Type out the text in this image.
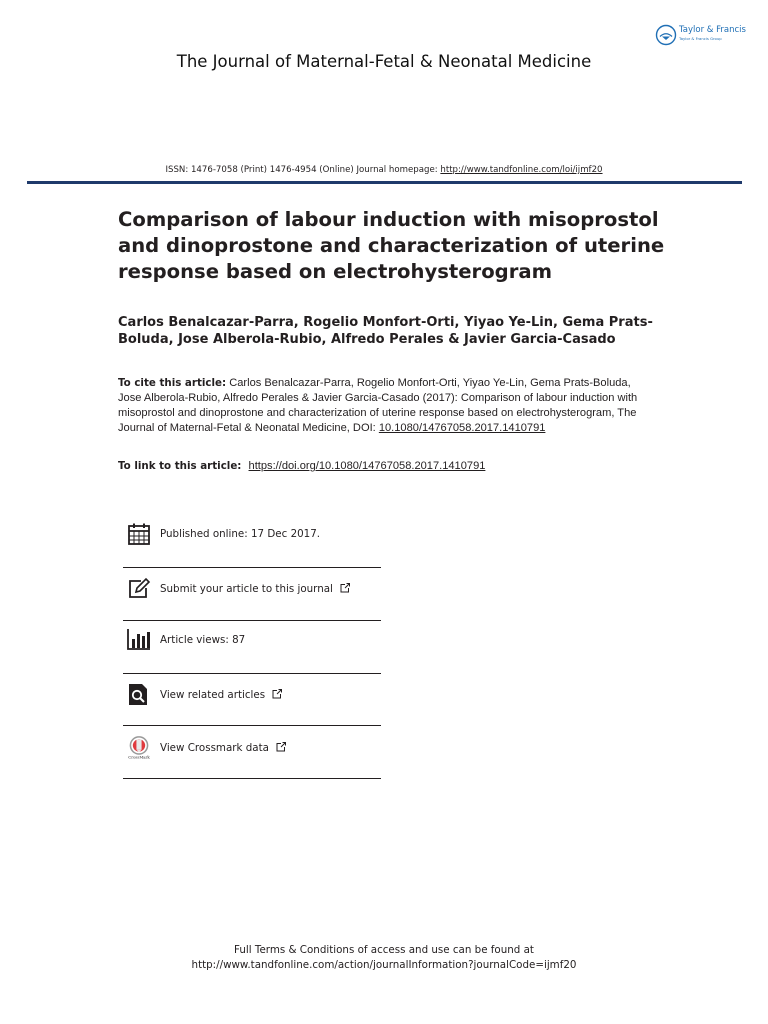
Taylor & Francis
Taylor & Francis Group
The Journal of Maternal-Fetal & Neonatal Medicine
ISSN: 1476-7058 (Print) 1476-4954 (Online) Journal homepage: http://www.tandfonline.com/loi/ijmf20
Comparison of labour induction with misoprostol and dinoprostone and characterization of uterine response based on electrohysterogram
Carlos Benalcazar-Parra, Rogelio Monfort-Orti, Yiyao Ye-Lin, Gema Prats-Boluda, Jose Alberola-Rubio, Alfredo Perales & Javier Garcia-Casado
To cite this article: Carlos Benalcazar-Parra, Rogelio Monfort-Orti, Yiyao Ye-Lin, Gema Prats-Boluda, Jose Alberola-Rubio, Alfredo Perales & Javier Garcia-Casado (2017): Comparison of labour induction with misoprostol and dinoprostone and characterization of uterine response based on electrohysterogram, The Journal of Maternal-Fetal & Neonatal Medicine, DOI: 10.1080/14767058.2017.1410791
To link to this article: https://doi.org/10.1080/14767058.2017.1410791
Published online: 17 Dec 2017.
Submit your article to this journal
Article views: 87
View related articles
CrossMark
View Crossmark data
Full Terms & Conditions of access and use can be found at
http://www.tandfonline.com/action/journalInformation?journalCode=ijmf20
